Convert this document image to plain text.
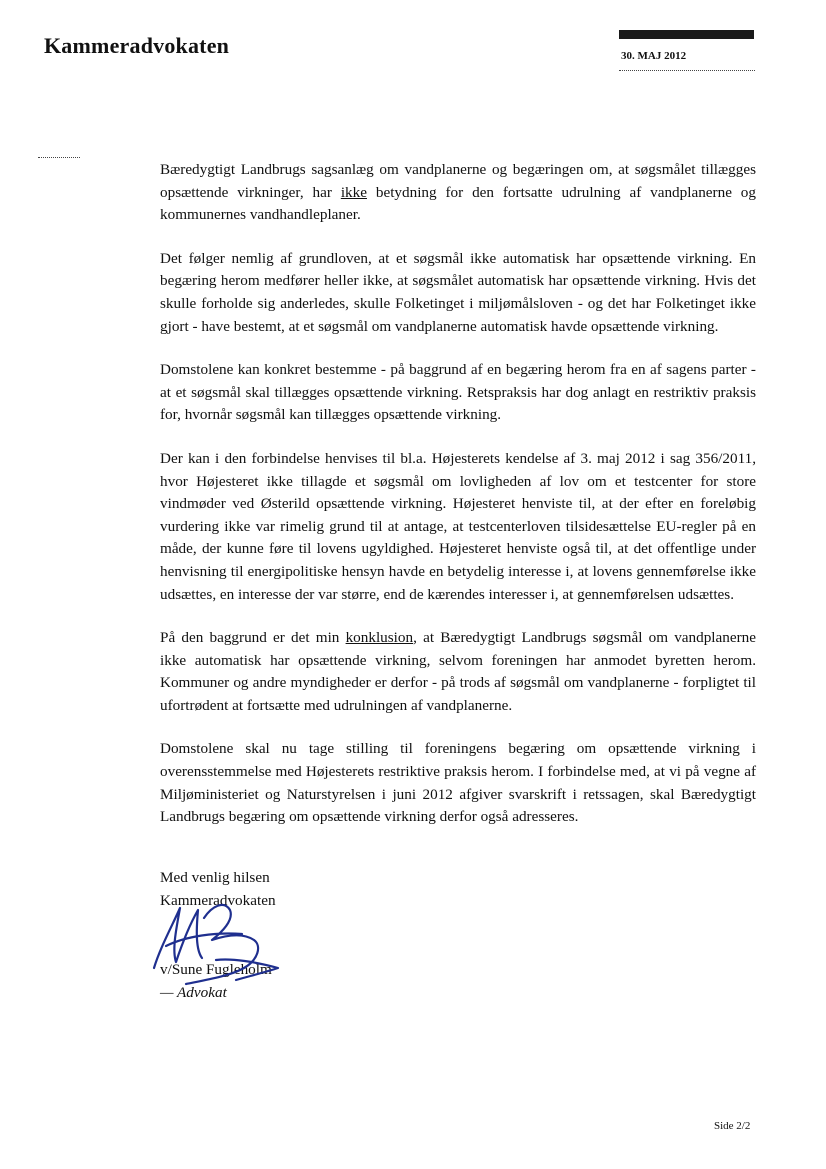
Kammeradvokaten	30. MAJ 2012

Bæredygtigt Landbrugs sagsanlæg om vandplanerne og begæringen om, at søgsmålet tillægges opsættende virkninger, har ikke betydning for den fortsatte udrulning af vandplanerne og kommunernes vandhandleplaner.

Det følger nemlig af grundloven, at et søgsmål ikke automatisk har opsættende virkning. En begæring herom medfører heller ikke, at søgsmålet automatisk har opsættende virkning. Hvis det skulle forholde sig anderledes, skulle Folketinget i miljømålsloven - og det har Folketinget ikke gjort - have bestemt, at et søgsmål om vandplanerne automatisk havde opsættende virkning.

Domstolene kan konkret bestemme - på baggrund af en begæring herom fra en af sagens parter - at et søgsmål skal tillægges opsættende virkning. Retspraksis har dog anlagt en restriktiv praksis for, hvornår søgsmål kan tillægges opsættende virkning.

Der kan i den forbindelse henvises til bl.a. Højesterets kendelse af 3. maj 2012 i sag 356/2011, hvor Højesteret ikke tillagde et søgsmål om lovligheden af lov om et testcenter for store vindmøder ved Østerild opsættende virkning. Højesteret henviste til, at der efter en foreløbig vurdering ikke var rimelig grund til at antage, at testcenterloven tilsidesættelse EU-regler på en måde, der kunne føre til lovens ugyldighed. Højesteret henviste også til, at det offentlige under henvisning til energipolitiske hensyn havde en betydelig interesse i, at lovens gennemførelse ikke udsættes, en interesse der var større, end de kærendes interesser i, at gennemførelsen udsættes.

På den baggrund er det min konklusion, at Bæredygtigt Landbrugs søgsmål om vandplanerne ikke automatisk har opsættende virkning, selvom foreningen har anmodet byretten herom. Kommuner og andre myndigheder er derfor - på trods af søgsmål om vandplanerne - forpligtet til ufortrødent at fortsætte med udrulningen af vandplanerne.

Domstolene skal nu tage stilling til foreningens begæring om opsættende virkning i overensstemmelse med Højesterets restriktive praksis herom. I forbindelse med, at vi på vegne af Miljøministeriet og Naturstyrelsen i juni 2012 afgiver svarskrift i retssagen, skal Bæredygtigt Landbrugs begæring om opsættende virkning derfor også adresseres.

Med venlig hilsen
Kammeradvokaten
v/Sune Fugleholm
— Advokat
Side 2/2
